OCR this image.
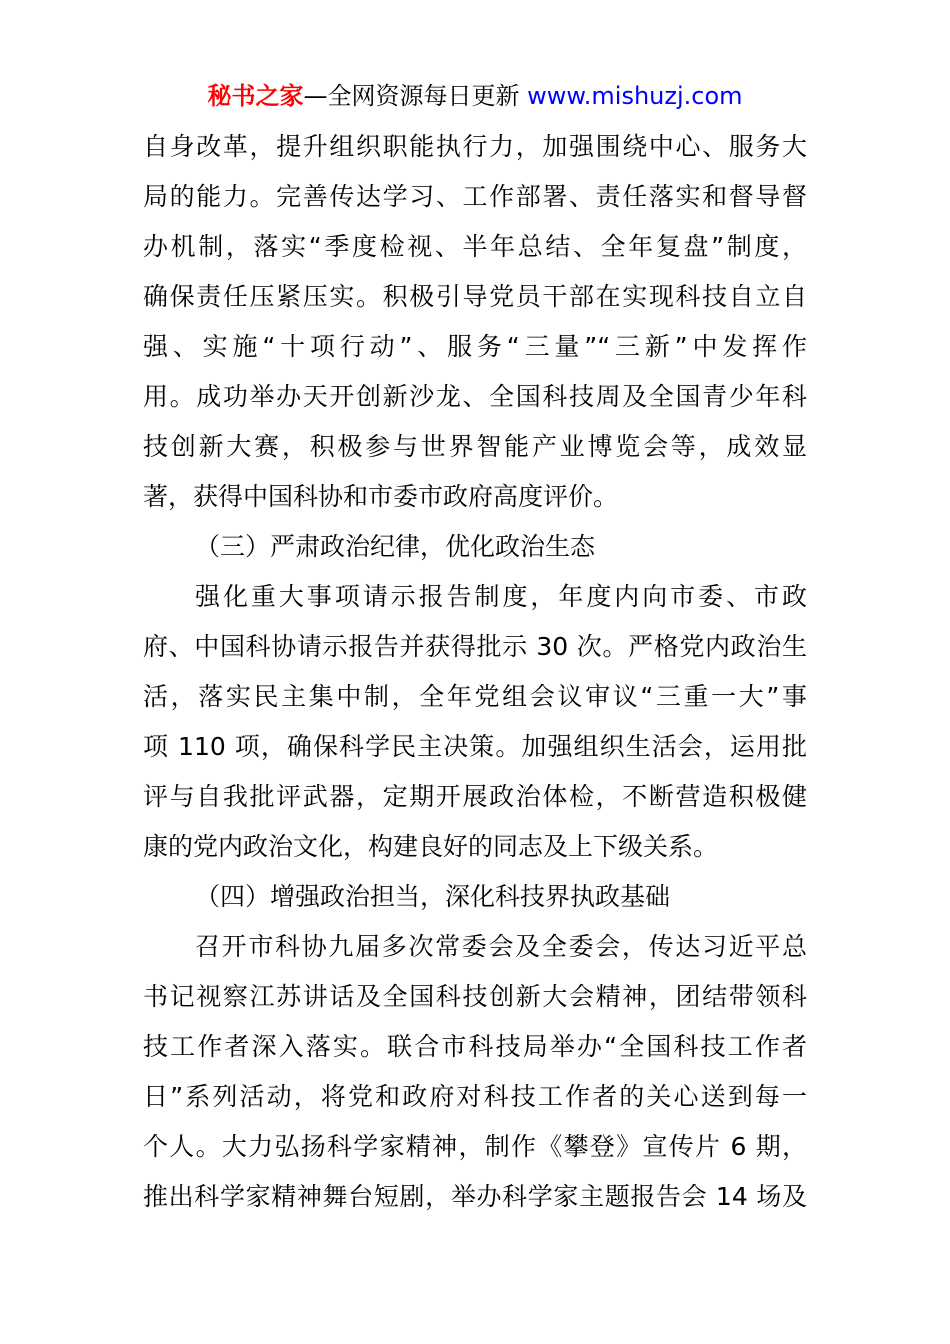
秘书之家—全网资源每日更新 www.mishuzj.com
自身改革，提升组织职能执行力，加强围绕中心、服务大
局的能力。完善传达学习、工作部署、责任落实和督导督
办机制，落实“季度检视、半年总结、全年复盘”制度，
确保责任压紧压实。积极引导党员干部在实现科技自立自
强、实施“十项行动”、服务“三量”“三新”中发挥作
用。成功举办天开创新沙龙、全国科技周及全国青少年科
技创新大赛，积极参与世界智能产业博览会等，成效显
著，获得中国科协和市委市政府高度评价。
（三）严肃政治纪律，优化政治生态
强化重大事项请示报告制度，年度内向市委、市政
府、中国科协请示报告并获得批示 30 次。严格党内政治生
活，落实民主集中制，全年党组会议审议“三重一大”事
项 110 项，确保科学民主决策。加强组织生活会，运用批
评与自我批评武器，定期开展政治体检，不断营造积极健
康的党内政治文化，构建良好的同志及上下级关系。
（四）增强政治担当，深化科技界执政基础
召开市科协九届多次常委会及全委会，传达习近平总
书记视察江苏讲话及全国科技创新大会精神，团结带领科
技工作者深入落实。联合市科技局举办“全国科技工作者
日”系列活动，将党和政府对科技工作者的关心送到每一
个人。大力弘扬科学家精神，制作《攀登》宣传片 6 期，
推出科学家精神舞台短剧，举办科学家主题报告会 14 场及
